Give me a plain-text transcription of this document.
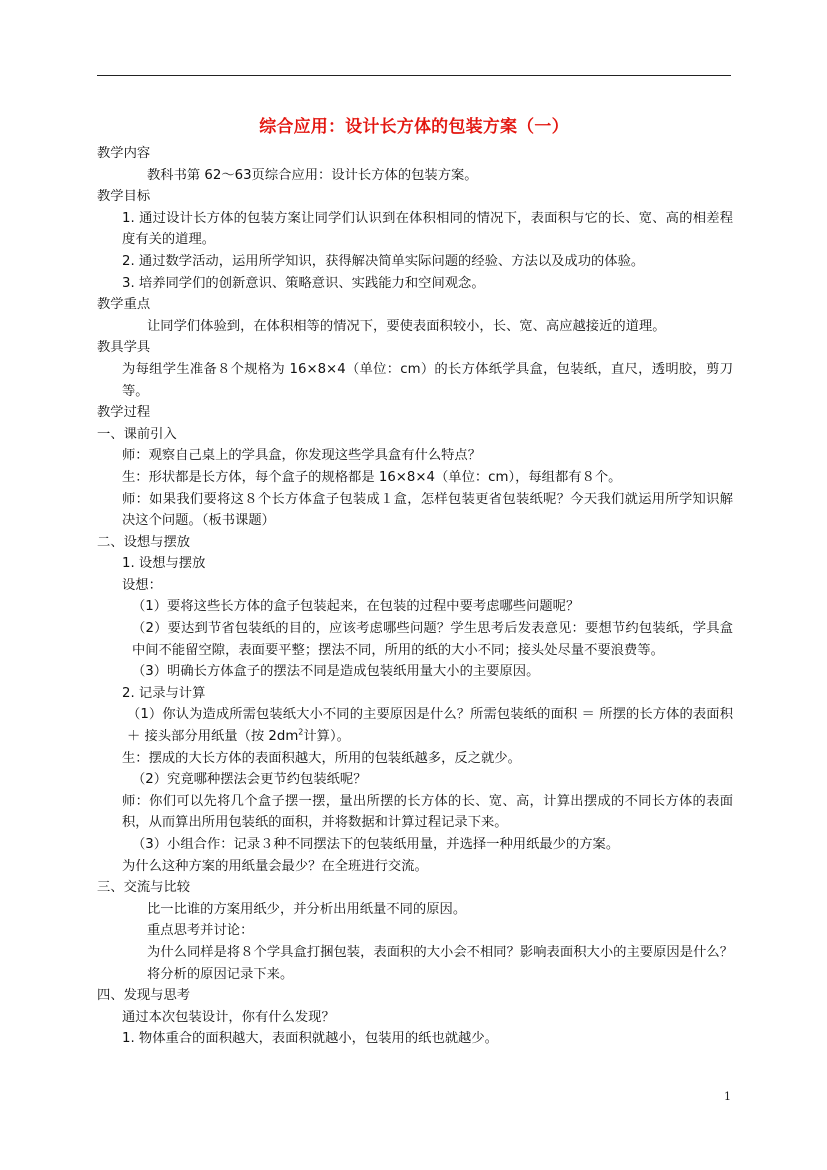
综合应用：设计长方体的包装方案（一）

教学内容

教科书第 62～63页综合应用：设计长方体的包装方案。

教学目标

1. 通过设计长方体的包装方案让同学们认识到在体积相同的情况下，表面积与它的长、宽、高的相差程度有关的道理。

2. 通过数学活动，运用所学知识，获得解决简单实际问题的经验、方法以及成功的体验。

3. 培养同学们的创新意识、策略意识、实践能力和空间观念。

教学重点

让同学们体验到，在体积相等的情况下，要使表面积较小，长、宽、高应越接近的道理。

教具学具

为每组学生准备８个规格为 16×8×4（单位：cm）的长方体纸学具盒，包装纸，直尺，透明胶，剪刀等。

教学过程

一、课前引入

师：观察自己桌上的学具盒，你发现这些学具盒有什么特点？

生：形状都是长方体，每个盒子的规格都是 16×8×4（单位：cm），每组都有８个。

师：如果我们要将这８个长方体盒子包装成１盒，怎样包装更省包装纸呢？今天我们就运用所学知识解决这个问题。（板书课题）

二、设想与摆放

1. 设想与摆放

设想：

（1）要将这些长方体的盒子包装起来，在包装的过程中要考虑哪些问题呢？

（2）要达到节省包装纸的目的，应该考虑哪些问题？学生思考后发表意见：要想节约包装纸，学具盒中间不能留空隙，表面要平整；摆法不同，所用的纸的大小不同；接头处尽量不要浪费等。

（3）明确长方体盒子的摆法不同是造成包装纸用量大小的主要原因。

2. 记录与计算

（1）你认为造成所需包装纸大小不同的主要原因是什么？所需包装纸的面积 ＝ 所摆的长方体的表面积 ＋ 接头部分用纸量（按 $2dm^2$计算）。

生：摆成的大长方体的表面积越大，所用的包装纸越多，反之就少。

（2）究竟哪种摆法会更节约包装纸呢？

师：你们可以先将几个盒子摆一摆，量出所摆的长方体的长、宽、高，计算出摆成的不同长方体的表面积，从而算出所用包装纸的面积，并将数据和计算过程记录下来。

（3）小组合作：记录３种不同摆法下的包装纸用量，并选择一种用纸最少的方案。

为什么这种方案的用纸量会最少？在全班进行交流。

三、交流与比较

比一比谁的方案用纸少，并分析出用纸量不同的原因。

重点思考并讨论：

为什么同样是将８个学具盒打捆包装，表面积的大小会不相同？影响表面积大小的主要原因是什么？将分析的原因记录下来。

四、发现与思考

通过本次包装设计，你有什么发现？

1. 物体重合的面积越大，表面积就越小，包装用的纸也就越少。

1
